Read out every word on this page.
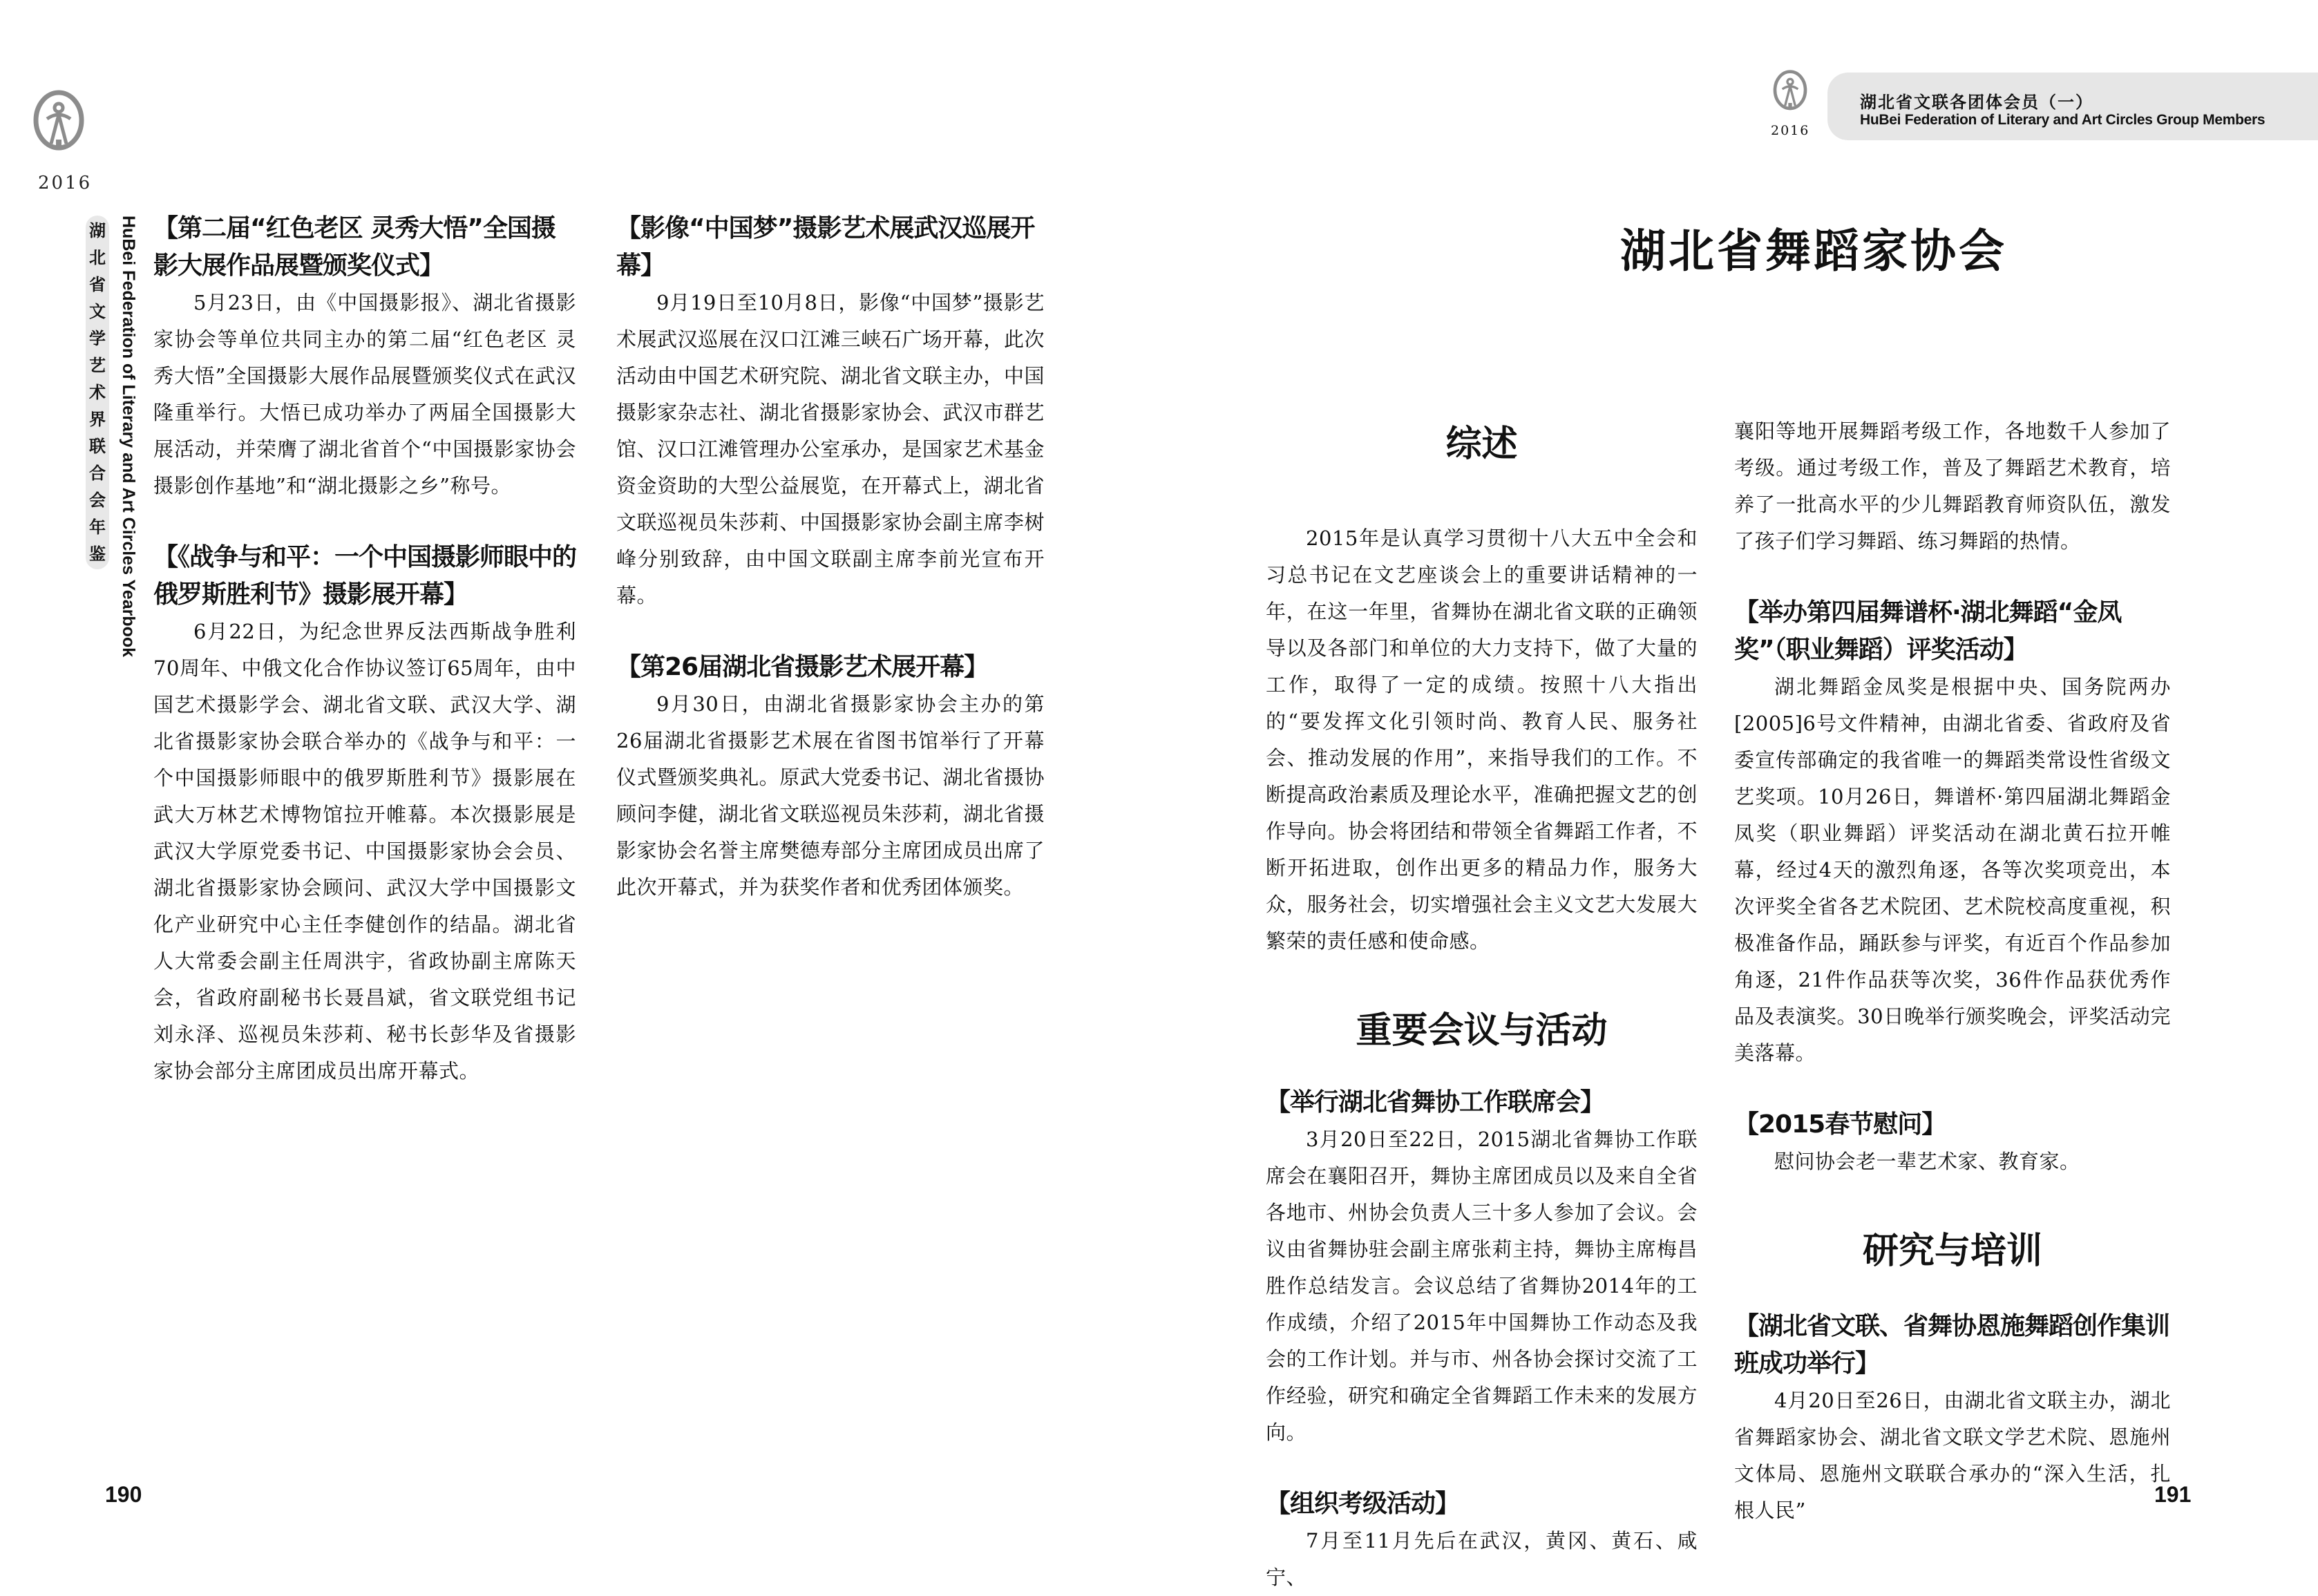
2016
湖
北
省
文
学
艺
术
界
联
合
会
年
鉴 HuBei Federation of Literary and Art Circles Yearbook 【第二届“红色老区 灵秀大悟”全国摄影大展作品展暨颁奖仪式】

5月23日，由《中国摄影报》、湖北省摄影家协会等单位共同主办的第二届“红色老区 灵秀大悟”全国摄影大展作品展暨颁奖仪式在武汉隆重举行。大悟已成功举办了两届全国摄影大展活动，并荣膺了湖北省首个“中国摄影家协会摄影创作基地”和“湖北摄影之乡”称号。

【《战争与和平：一个中国摄影师眼中的俄罗斯胜利节》摄影展开幕】

6月22日，为纪念世界反法西斯战争胜利70周年、中俄文化合作协议签订65周年，由中国艺术摄影学会、湖北省文联、武汉大学、湖北省摄影家协会联合举办的《战争与和平：一个中国摄影师眼中的俄罗斯胜利节》摄影展在武大万林艺术博物馆拉开帷幕。本次摄影展是武汉大学原党委书记、中国摄影家协会会员、湖北省摄影家协会顾问、武汉大学中国摄影文化产业研究中心主任李健创作的结晶。湖北省人大常委会副主任周洪宇，省政协副主席陈天会，省政府副秘书长聂昌斌，省文联党组书记刘永泽、巡视员朱莎莉、秘书长彭华及省摄影家协会部分主席团成员出席开幕式。

【影像“中国梦”摄影艺术展武汉巡展开幕】

9月19日至10月8日，影像“中国梦”摄影艺术展武汉巡展在汉口江滩三峡石广场开幕，此次活动由中国艺术研究院、湖北省文联主办，中国摄影家杂志社、湖北省摄影家协会、武汉市群艺馆、汉口江滩管理办公室承办，是国家艺术基金资金资助的大型公益展览，在开幕式上，湖北省文联巡视员朱莎莉、中国摄影家协会副主席李树峰分别致辞，由中国文联副主席李前光宣布开幕。

【第26届湖北省摄影艺术展开幕】

9月30日，由湖北省摄影家协会主办的第26届湖北省摄影艺术展在省图书馆举行了开幕仪式暨颁奖典礼。原武大党委书记、湖北省摄协顾问李健，湖北省文联巡视员朱莎莉，湖北省摄影家协会名誉主席樊德寿部分主席团成员出席了此次开幕式，并为获奖作者和优秀团体颁奖。

190
2016
湖北省文联各团体会员（一）
HuBei Federation of Literary and Art Circles Group Members
湖北省舞蹈家协会

综述

2015年是认真学习贯彻十八大五中全会和习总书记在文艺座谈会上的重要讲话精神的一年，在这一年里，省舞协在湖北省文联的正确领导以及各部门和单位的大力支持下，做了大量的工作，取得了一定的成绩。按照十八大指出的“要发挥文化引领时尚、教育人民、服务社会、推动发展的作用”，来指导我们的工作。不断提高政治素质及理论水平，准确把握文艺的创作导向。协会将团结和带领全省舞蹈工作者，不断开拓进取，创作出更多的精品力作，服务大众，服务社会，切实增强社会主义文艺大发展大繁荣的责任感和使命感。

重要会议与活动

【举行湖北省舞协工作联席会】

3月20日至22日，2015湖北省舞协工作联席会在襄阳召开，舞协主席团成员以及来自全省各地市、州协会负责人三十多人参加了会议。会议由省舞协驻会副主席张莉主持，舞协主席梅昌胜作总结发言。会议总结了省舞协2014年的工作成绩，介绍了2015年中国舞协工作动态及我会的工作计划。并与市、州各协会探讨交流了工作经验，研究和确定全省舞蹈工作未来的发展方向。

【组织考级活动】

7月至11月先后在武汉，黄冈、黄石、咸宁、

襄阳等地开展舞蹈考级工作，各地数千人参加了考级。通过考级工作，普及了舞蹈艺术教育，培养了一批高水平的少儿舞蹈教育师资队伍，激发了孩子们学习舞蹈、练习舞蹈的热情。

【举办第四届舞谱杯·湖北舞蹈“金凤奖”（职业舞蹈）评奖活动】

湖北舞蹈金凤奖是根据中央、国务院两办[2005]6号文件精神，由湖北省委、省政府及省委宣传部确定的我省唯一的舞蹈类常设性省级文艺奖项。10月26日，舞谱杯·第四届湖北舞蹈金凤奖（职业舞蹈）评奖活动在湖北黄石拉开帷幕，经过4天的激烈角逐，各等次奖项竞出，本次评奖全省各艺术院团、艺术院校高度重视，积极准备作品，踊跃参与评奖，有近百个作品参加角逐，21件作品获等次奖，36件作品获优秀作品及表演奖。30日晚举行颁奖晚会，评奖活动完美落幕。

【2015春节慰问】

慰问协会老一辈艺术家、教育家。

研究与培训

【湖北省文联、省舞协恩施舞蹈创作集训班成功举行】

4月20日至26日，由湖北省文联主办，湖北省舞蹈家协会、湖北省文联文学艺术院、恩施州文体局、恩施州文联联合承办的“深入生活，扎根人民”

191
